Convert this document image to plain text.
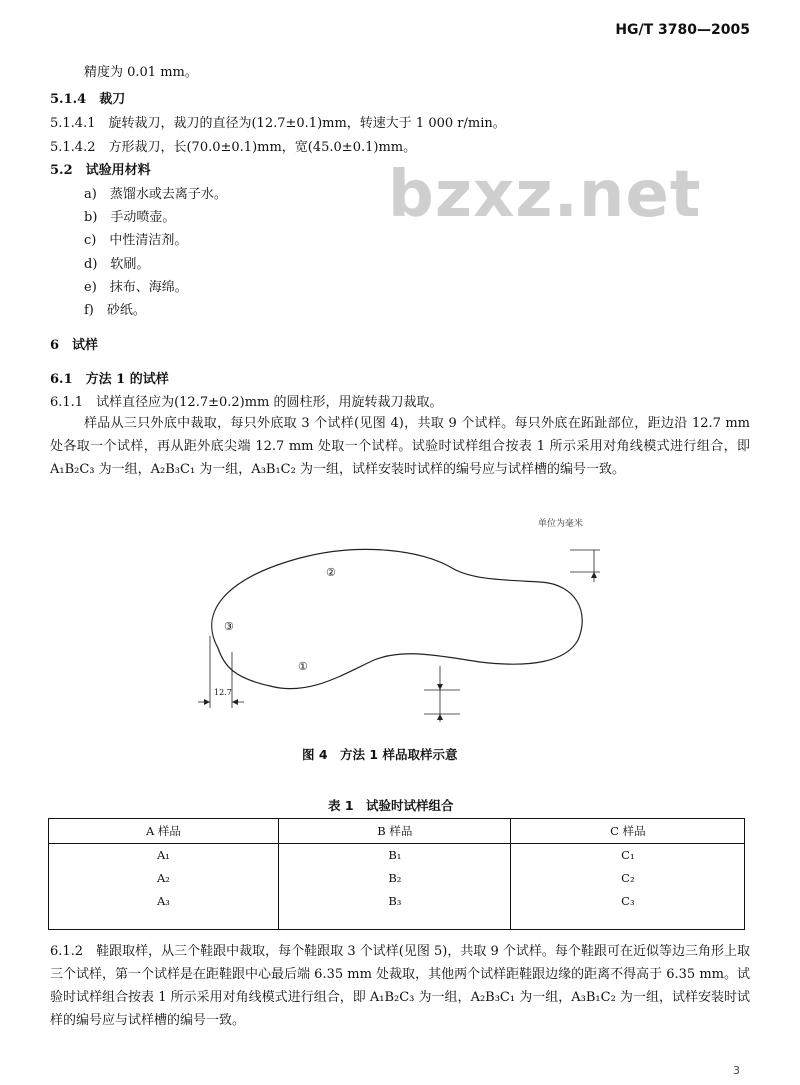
HG/T 3780—2005
bzxz.net
精度为 0.01 mm。
5.1.4　裁刀
5.1.4.1　旋转裁刀，裁刀的直径为(12.7±0.1)mm，转速大于 1 000 r/min。
5.1.4.2　方形裁刀，长(70.0±0.1)mm，宽(45.0±0.1)mm。
5.2　试验用材料
a)　蒸馏水或去离子水。
b)　手动喷壶。
c)　中性清洁剂。
d)　软刷。
e)　抹布、海绵。
f)　砂纸。
6　试样
6.1　方法 1 的试样
6.1.1　试样直径应为(12.7±0.2)mm 的圆柱形，用旋转裁刀裁取。
样品从三只外底中裁取，每只外底取 3 个试样(见图 4)，共取 9 个试样。每只外底在跖趾部位，距边沿 12.7 mm 处各取一个试样，再从距外底尖端 12.7 mm 处取一个试样。试验时试样组合按表 1 所示采用对角线模式进行组合，即 A₁B₂C₃ 为一组，A₂B₃C₁ 为一组，A₃B₁C₂ 为一组，试样安装时试样的编号应与试样槽的编号一致。
单位为毫米
12.7
①
②
③
图 4　方法 1 样品取样示意
表 1　试验时试样组合
A 样品	B 样品	C 样品
A₁	B₁	C₁
A₂	B₂	C₂
A₃	B₃	C₃
6.1.2　鞋跟取样，从三个鞋跟中裁取，每个鞋跟取 3 个试样(见图 5)，共取 9 个试样。每个鞋跟可在近似等边三角形上取三个试样，第一个试样是在距鞋跟中心最后端 6.35 mm 处裁取，其他两个试样距鞋跟边缘的距离不得高于 6.35 mm。试验时试样组合按表 1 所示采用对角线模式进行组合，即 A₁B₂C₃ 为一组，A₂B₃C₁ 为一组，A₃B₁C₂ 为一组，试样安装时试样的编号应与试样槽的编号一致。
3
